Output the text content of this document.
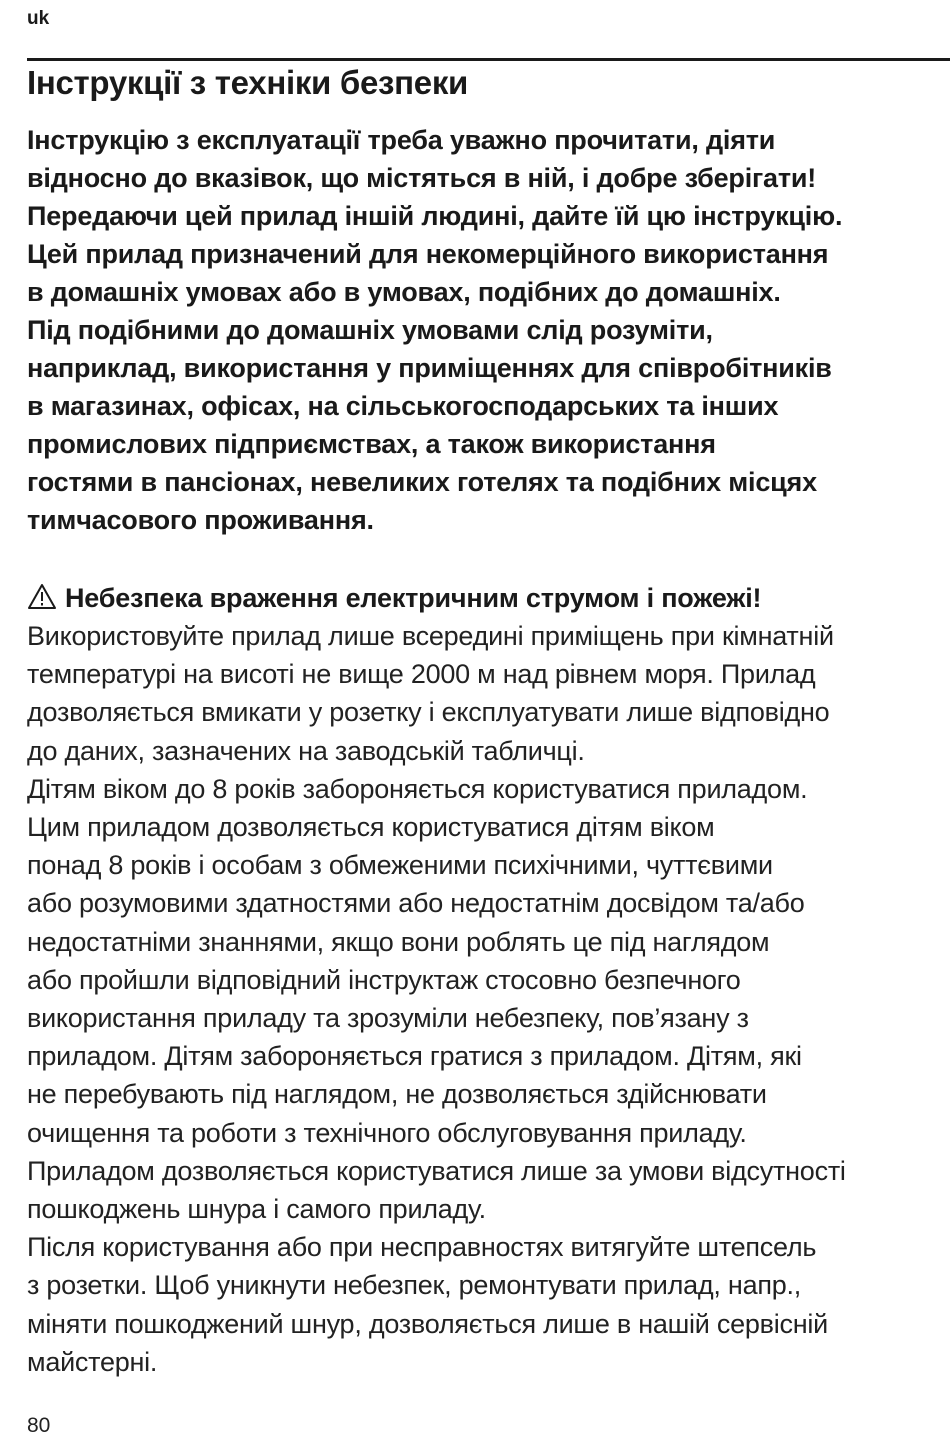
uk
Інструкції з техніки безпеки
Інструкцію з експлуатації треба уважно прочитати, діяти
відносно до вказівок, що містяться в ній, і добре зберігати!
Передаючи цей прилад іншій людині, дайте їй цю інструкцію.
Цей прилад призначений для некомерційного використання
в домашніх умовах або в умовах, подібних до домашніх.
Під подібними до домашніх умовами слід розуміти,
наприклад, використання у приміщеннях для співробітників
в магазинах, офісах, на сільськогосподарських та інших
промислових підприємствах, а також використання
гостями в пансіонах, невеликих готелях та подібних місцях
тимчасового проживання.
Небезпека враження електричним струмом і пожежі!
Використовуйте прилад лише всередині приміщень при кімнатній
температурі на висоті не вище 2000 м над рівнем моря. Прилад
дозволяється вмикати у розетку і експлуатувати лише відповідно
до даних, зазначених на заводській табличці.
Дітям віком до 8 років забороняється користуватися приладом.
Цим приладом дозволяється користуватися дітям віком
понад 8 років і особам з обмеженими психічними, чуттєвими
або розумовими здатностями або недостатнім досвідом та/або
недостатніми знаннями, якщо вони роблять це під наглядом
або пройшли відповідний інструктаж стосовно безпечного
використання приладу та зрозуміли небезпеку, пов’язану з
приладом. Дітям забороняється гратися з приладом. Дітям, які
не перебувають під наглядом, не дозволяється здійснювати
очищення та роботи з технічного обслуговування приладу.
Приладом дозволяється користуватися лише за умови відсутності
пошкоджень шнура і самого приладу.
Після користування або при несправностях витягуйте штепсель
з розетки. Щоб уникнути небезпек, ремонтувати прилад, напр.,
міняти пошкоджений шнур, дозволяється лише в нашій сервісній
майстерні.
80
